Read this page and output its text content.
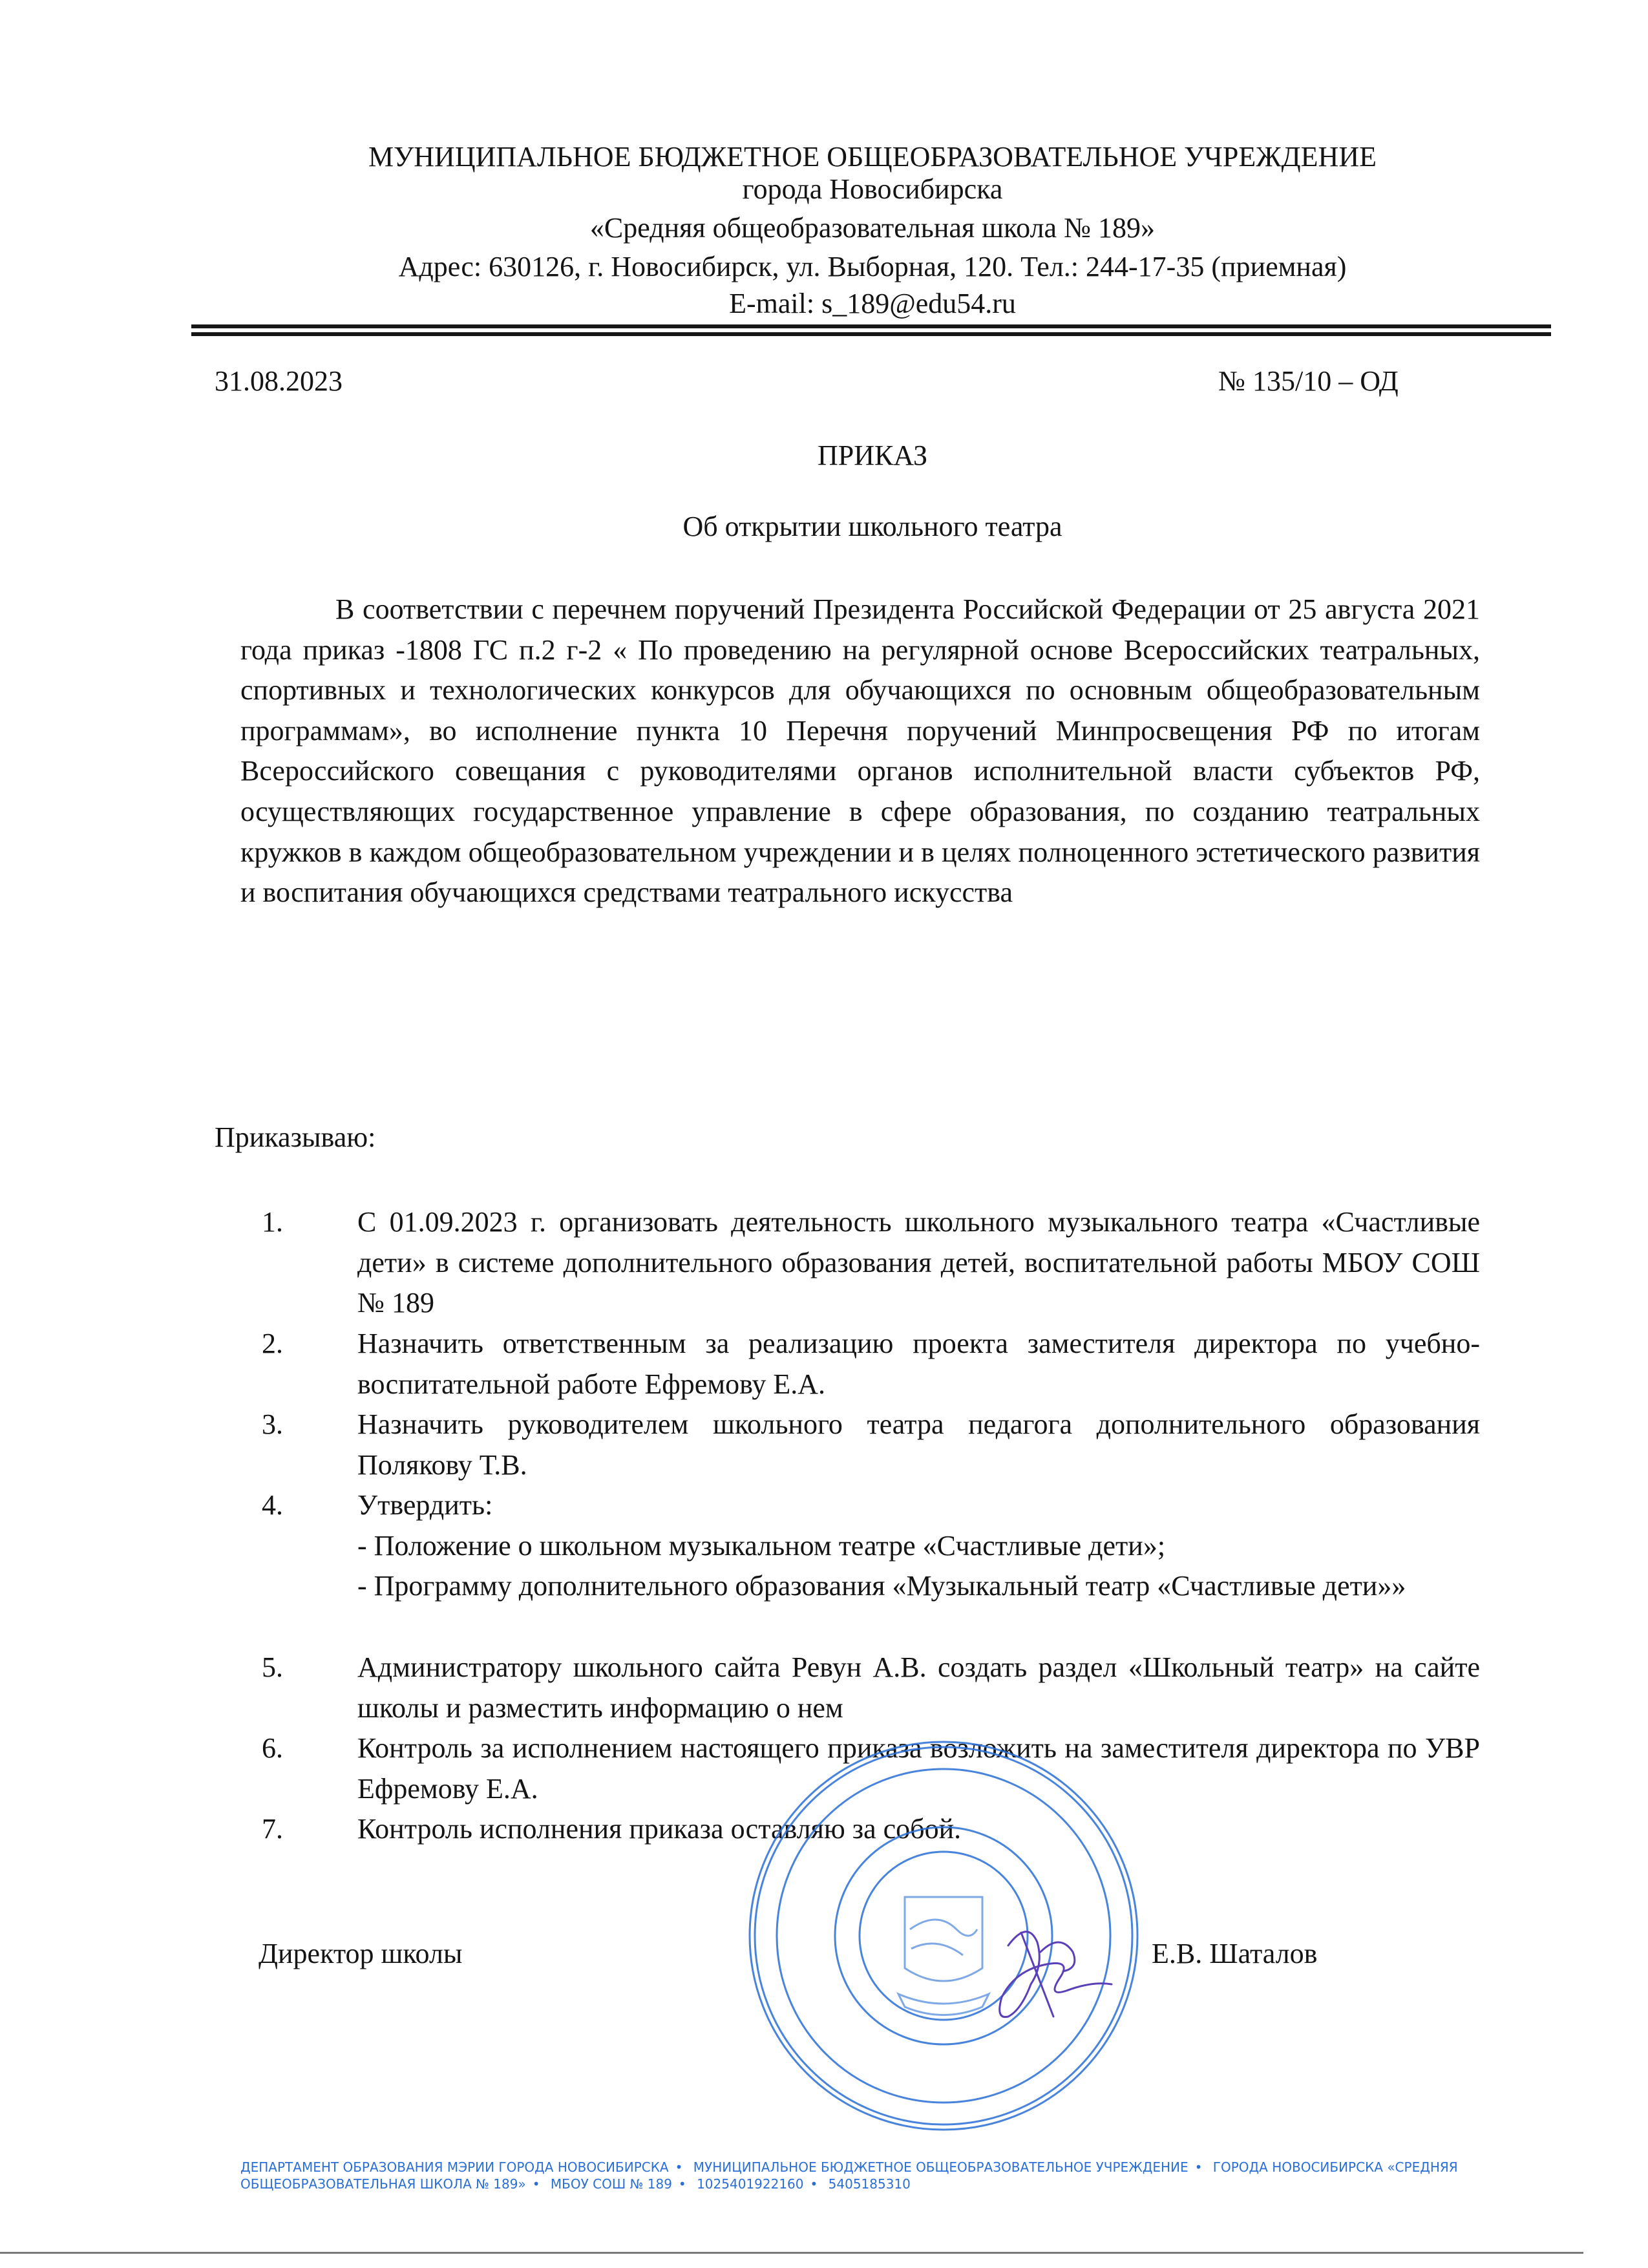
МУНИЦИПАЛЬНОЕ БЮДЖЕТНОЕ ОБЩЕОБРАЗОВАТЕЛЬНОЕ УЧРЕЖДЕНИЕ
города Новосибирска
«Средняя общеобразовательная школа № 189»
Адрес: 630126, г. Новосибирск, ул. Выборная, 120. Тел.: 244-17-35 (приемная)
E-mail: s_189@edu54.ru
31.08.2023	№ 135/10 – ОД
ПРИКАЗ
Об открытии школьного театра

В соответствии с перечнем поручений Президента Российской Федерации от 25 августа 2021 года приказ -1808 ГС п.2 г-2 « По проведению на регулярной основе Всероссийских театральных, спортивных и технологических конкурсов для обучающихся по основным общеобразовательным программам», во исполнение пункта 10 Перечня поручений Минпросвещения РФ по итогам Всероссийского совещания с руководителями органов исполнительной власти субъектов РФ, осуществляющих государственное управление в сфере образования, по созданию театральных кружков в каждом общеобразовательном учреждении и в целях полноценного эстетического развития и воспитания обучающихся средствами театрального искусства

Приказываю:
1.	С 01.09.2023 г. организовать деятельность школьного музыкального театра «Счастливые дети» в системе дополнительного образования детей, воспитательной работы МБОУ СОШ № 189
2.	Назначить ответственным за реализацию проекта заместителя директора по учебно-воспитательной работе Ефремову Е.А.
3.	Назначить руководителем школьного театра педагога дополнительного образования Полякову Т.В.
4.	Утвердить:
- Положение о школьном музыкальном театре «Счастливые дети»;
- Программу дополнительного образования «Музыкальный театр «Счастливые дети»»
5.	Администратору школьного сайта Ревун А.В. создать раздел «Школьный театр» на сайте школы и разместить информацию о нем
6.	Контроль за исполнением настоящего приказа возложить на заместителя директора по УВР Ефремову Е.А.
7.	Контроль исполнения приказа оставляю за собой.
Директор школы	Е.В. Шаталов
ДЕПАРТАМЕНТ ОБРАЗОВАНИЯ МЭРИИ ГОРОДА НОВОСИБИРСКА • МУНИЦИПАЛЬНОЕ БЮДЖЕТНОЕ ОБЩЕОБРАЗОВАТЕЛЬНОЕ УЧРЕЖДЕНИЕ • ГОРОДА НОВОСИБИРСКА «СРЕДНЯЯ ОБЩЕОБРАЗОВАТЕЛЬНАЯ ШКОЛА № 189» • МБОУ СОШ № 189 • 1025401922160 • 5405185310
